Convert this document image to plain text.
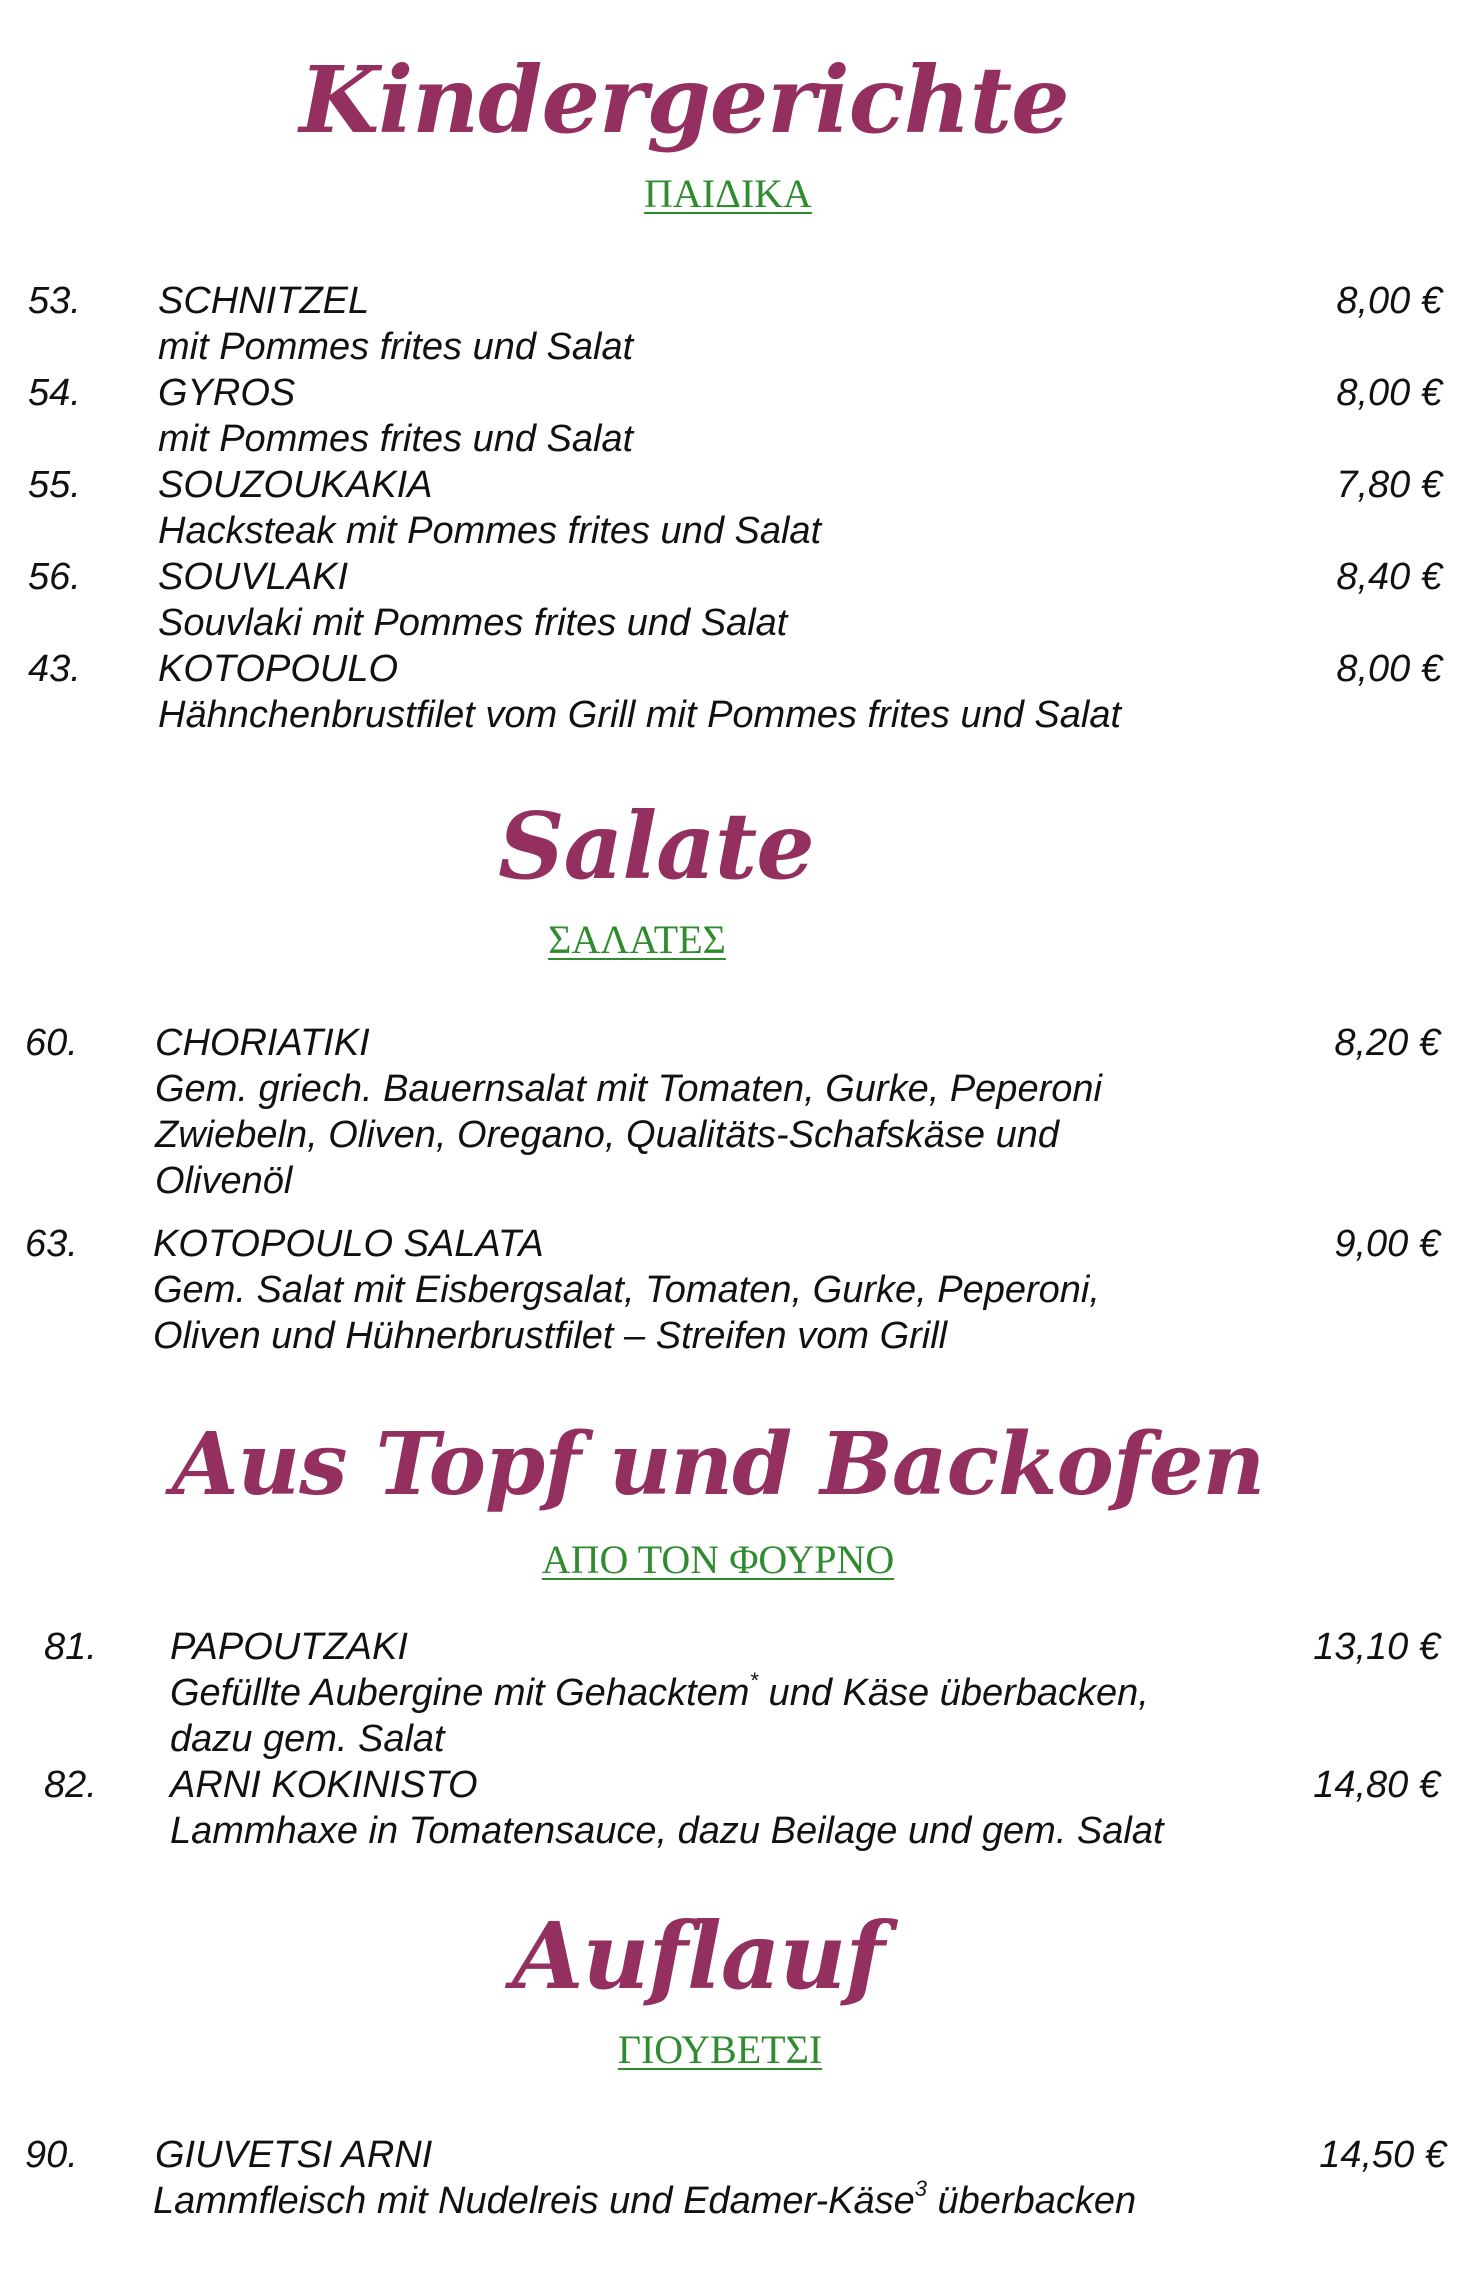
Kindergerichte
ΠΑΙΔΙΚΑ
53. SCHNITZEL	8,00 €
mit Pommes frites und Salat
54. GYROS	8,00 €
mit Pommes frites und Salat
55. SOUZOUKAKIA	7,80 €
Hacksteak mit Pommes frites und Salat
56. SOUVLAKI	8,40 €
Souvlaki mit Pommes frites und Salat
43. KOTOPOULO	8,00 €
Hähnchenbrustfilet vom Grill mit Pommes frites und Salat
Salate
ΣΑΛΑΤΕΣ
60. CHORIATIKI	8,20 €
Gem. griech. Bauernsalat mit Tomaten, Gurke, Peperoni
Zwiebeln, Oliven, Oregano, Qualitäts-Schafskäse und
Olivenöl
63. KOTOPOULO SALATA	9,00 €
Gem. Salat mit Eisbergsalat, Tomaten, Gurke, Peperoni,
Oliven und Hühnerbrustfilet – Streifen vom Grill
Aus Topf und Backofen
ΑΠΟ ΤΟΝ ΦΟΥΡΝΟ
81. PAPOUTZAKI	13,10 €
Gefüllte Aubergine mit Gehacktem* und Käse überbacken,
dazu gem. Salat
82. ARNI KOKINISTO	14,80 €
Lammhaxe in Tomatensauce, dazu Beilage und gem. Salat
Auflauf
ΓΙΟΥΒΕΤΣΙ
90. GIUVETSI ARNI	14,50 €
Lammfleisch mit Nudelreis und Edamer-Käse$^3$ überbacken
